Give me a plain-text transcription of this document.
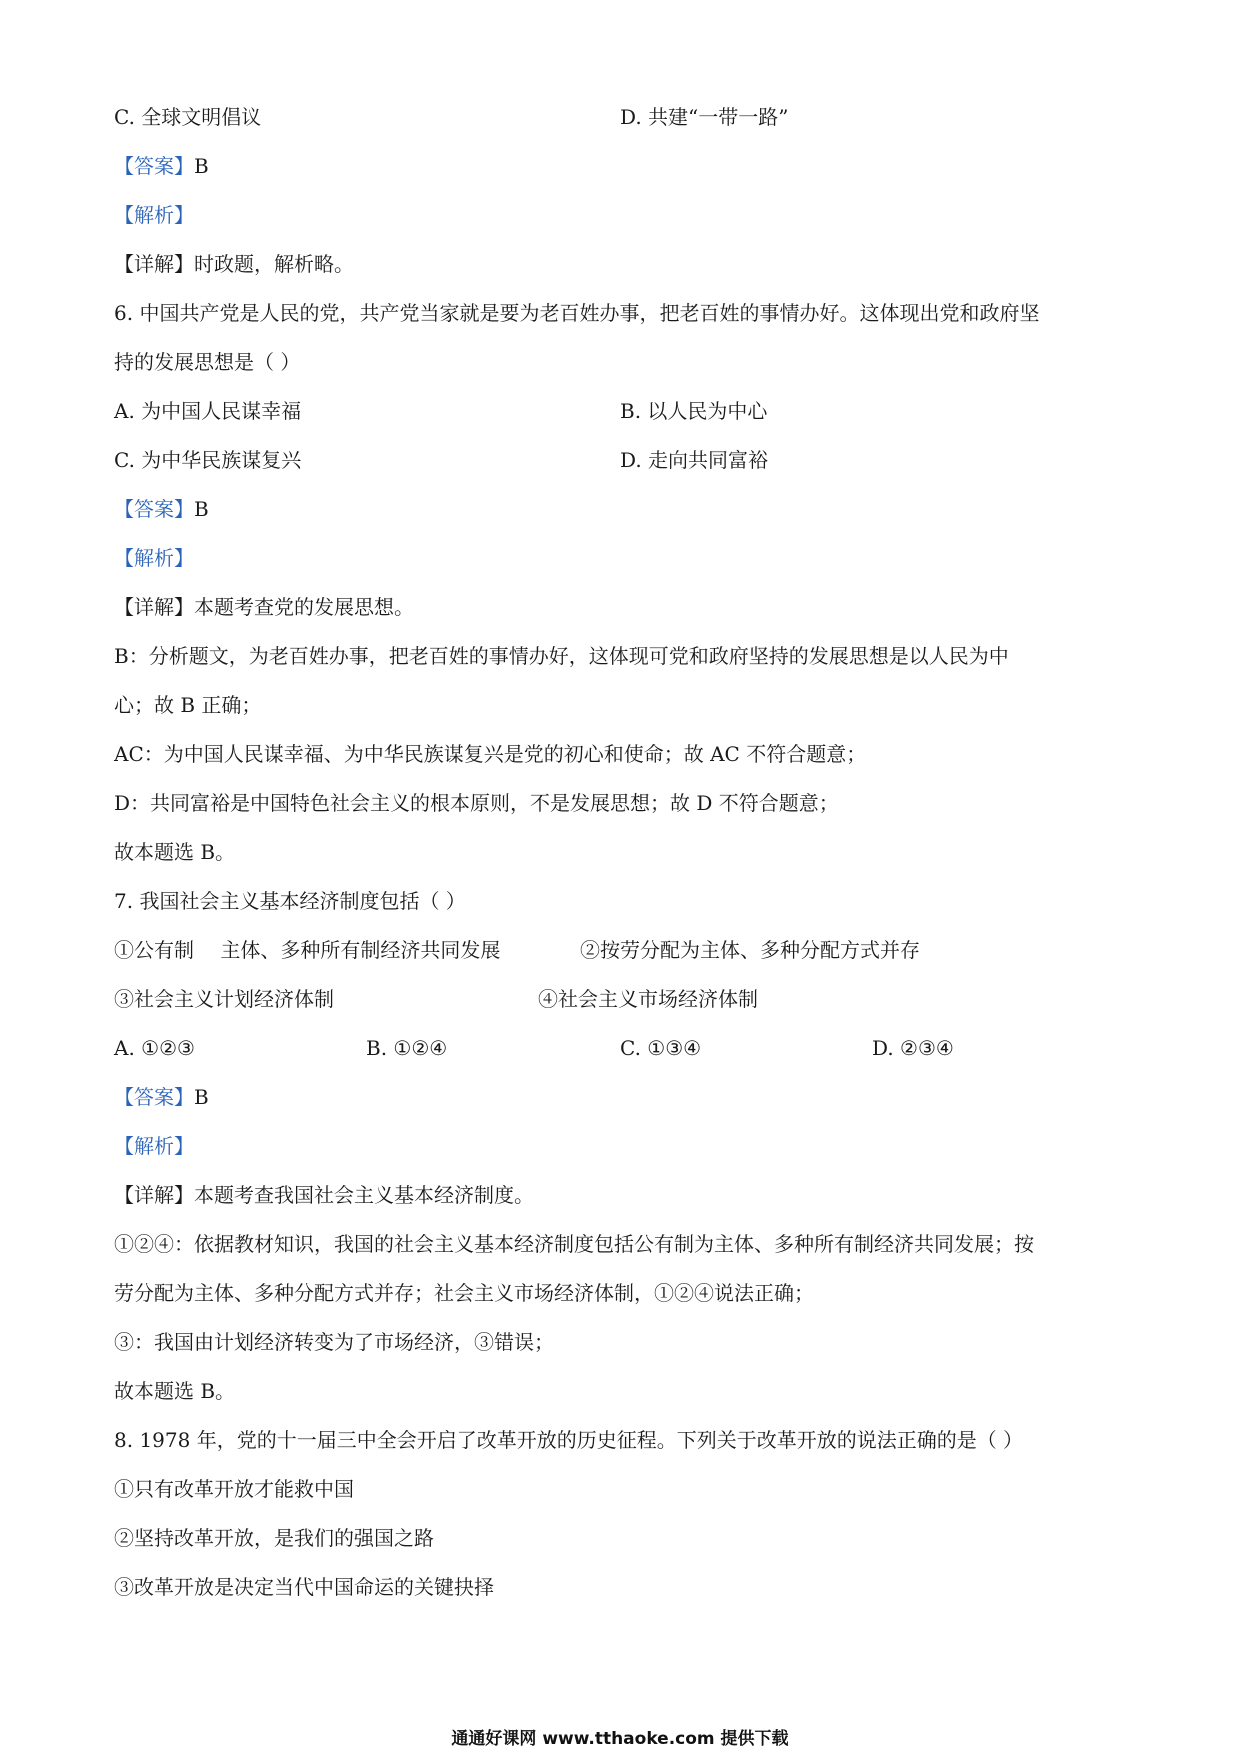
C. 全球文明倡议	D. 共建“一带一路”
【答案】B
【解析】
【详解】时政题，解析略。
6. 中国共产党是人民的党，共产党当家就是要为老百姓办事，把老百姓的事情办好。这体现出党和政府坚
持的发展思想是（ ）
A. 为中国人民谋幸福	B. 以人民为中心
C. 为中华民族谋复兴	D. 走向共同富裕
【答案】B
【解析】
【详解】本题考查党的发展思想。
B：分析题文，为老百姓办事，把老百姓的事情办好，这体现可党和政府坚持的发展思想是以人民为中
心；故 B 正确；
AC：为中国人民谋幸福、为中华民族谋复兴是党的初心和使命；故 AC 不符合题意；
D：共同富裕是中国特色社会主义的根本原则，不是发展思想；故 D 不符合题意；
故本题选 B。
7. 我国社会主义基本经济制度包括（ ）
①公有制　 主体、多种所有制经济共同发展	②按劳分配为主体、多种分配方式并存
③社会主义计划经济体制	④社会主义市场经济体制
A. ①②③	B. ①②④	C. ①③④	D. ②③④
【答案】B
【解析】
【详解】本题考查我国社会主义基本经济制度。
①②④：依据教材知识，我国的社会主义基本经济制度包括公有制为主体、多种所有制经济共同发展；按
劳分配为主体、多种分配方式并存；社会主义市场经济体制，①②④说法正确；
③：我国由计划经济转变为了市场经济，③错误；
故本题选 B。
8. 1978 年，党的十一届三中全会开启了改革开放的历史征程。下列关于改革开放的说法正确的是（ ）
①只有改革开放才能救中国
②坚持改革开放，是我们的强国之路
③改革开放是决定当代中国命运的关键抉择
通通好课网 www.tthaoke.com 提供下载
